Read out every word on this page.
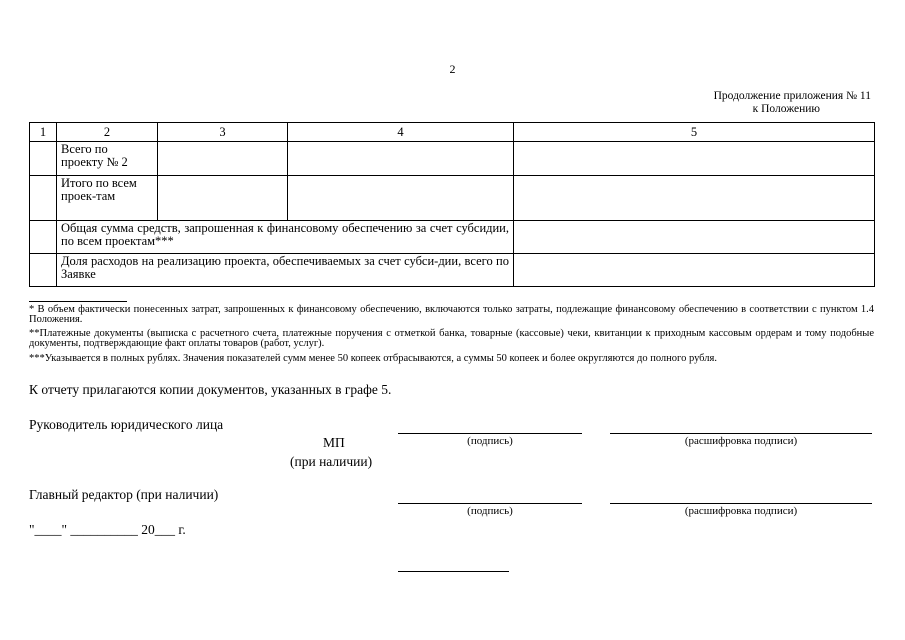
2
Продолжение приложения № 11
к Положению
1	2	3	4	5
	Всего по проекту № 2			
	Итого по всем проек-там			
	Общая сумма средств, запрошенная к финансовому обеспечению за счет субсидии, по всем проектам***			
	Доля расходов на реализацию проекта, обеспечиваемых за счет субси-дии, всего по Заявке			
* В объем фактически понесенных затрат, запрошенных к финансовому обеспечению, включаются только затраты, подлежащие финансовому обеспечению в соответствии с пунктом 1.4 Положения.
**Платежные документы (выписка с расчетного счета, платежные поручения с отметкой банка, товарные (кассовые) чеки, квитанции к приходным кассовым ордерам и тому подобные документы, подтверждающие факт оплаты товаров (работ, услуг).
***Указывается в полных рублях. Значения показателей сумм менее 50 копеек отбрасываются, а суммы 50 копеек и более округляются до полного рубля.
К отчету прилагаются копии документов, указанных в графе 5.
Руководитель юридического лица
МП
(при наличии)
(подпись)	(расшифровка подписи)
Главный редактор (при наличии)
(подпись)	(расшифровка подписи)
"____" __________ 20___ г.
